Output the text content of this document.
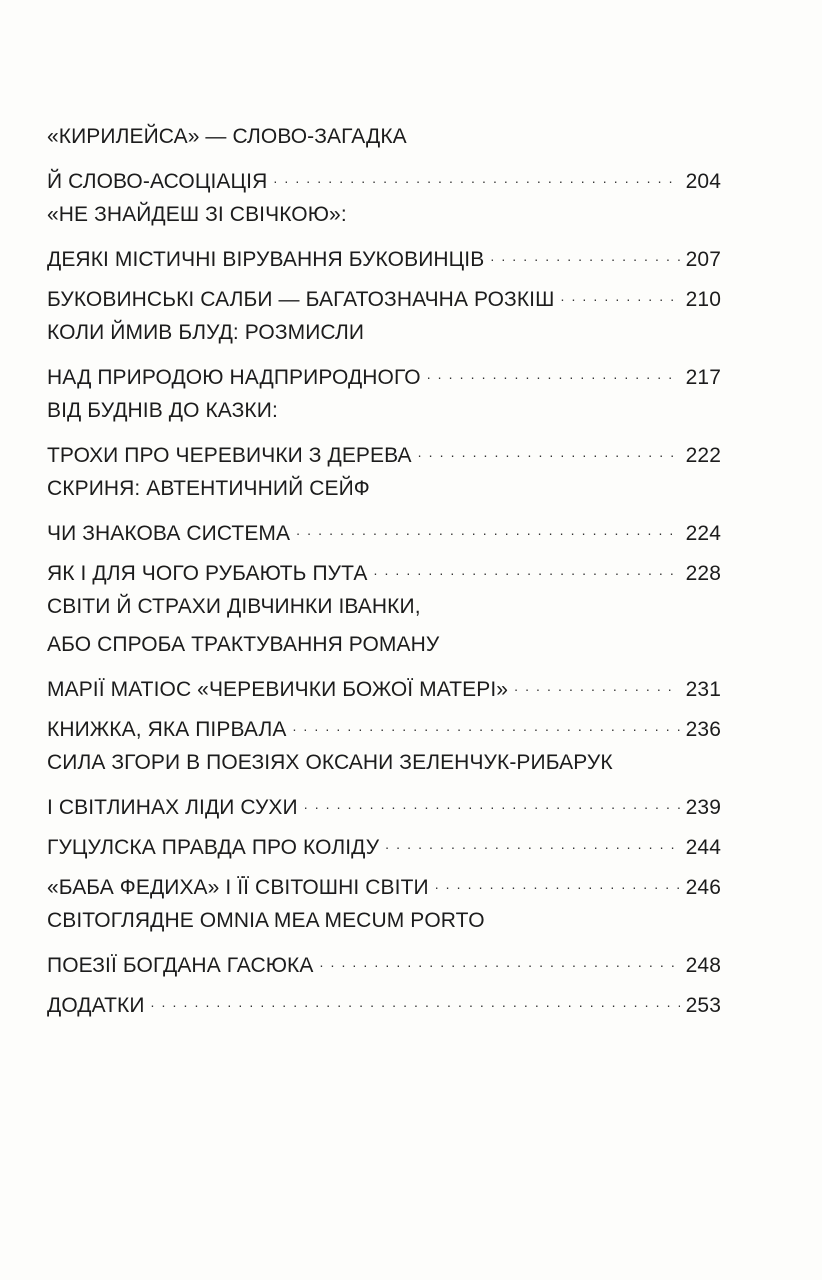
«КИРИЛЕЙСА» — СЛОВО-ЗАГАДКА
Й СЛОВО-АСОЦІАЦІЯ . . .	204
«НЕ ЗНАЙДЕШ ЗІ СВІЧКОЮ»:
ДЕЯКІ МІСТИЧНІ ВІРУВАННЯ БУКОВИНЦІВ . . .	207
БУКОВИНСЬКІ САЛБИ — БАГАТОЗНАЧНА РОЗКІШ . . .	210
КОЛИ ЙМИВ БЛУД: РОЗМИСЛИ
НАД ПРИРОДОЮ НАДПРИРОДНОГО . . .	217
ВІД БУДНІВ ДО КАЗКИ:
ТРОХИ ПРО ЧЕРЕВИЧКИ З ДЕРЕВА . . .	222
СКРИНЯ: АВТЕНТИЧНИЙ СЕЙФ
ЧИ ЗНАКОВА СИСТЕМА . . .	224
ЯК І ДЛЯ ЧОГО РУБАЮТЬ ПУТА . . .	228
СВІТИ Й СТРАХИ ДІВЧИНКИ ІВАНКИ,
АБО СПРОБА ТРАКТУВАННЯ РОМАНУ
МАРІЇ МАТІОС «ЧЕРЕВИЧКИ БОЖОЇ МАТЕРІ» . . .	231
КНИЖКА, ЯКА ПІРВАЛА . . .	236
СИЛА ЗГОРИ В ПОЕЗІЯХ ОКСАНИ ЗЕЛЕНЧУК-РИБАРУК
І СВІТЛИНАХ ЛІДИ СУХИ . . .	239
ГУЦУЛСКА ПРАВДА ПРО КОЛІДУ . . .	244
«БАБА ФЕДИХА» І ЇЇ СВІТОШНІ СВІТИ . . .	246
СВІТОГЛЯДНЕ OMNIA MEA MECUM PORTO
ПОЕЗІЇ БОГДАНА ГАСЮКА . . .	248
ДОДАТКИ . . .	253
